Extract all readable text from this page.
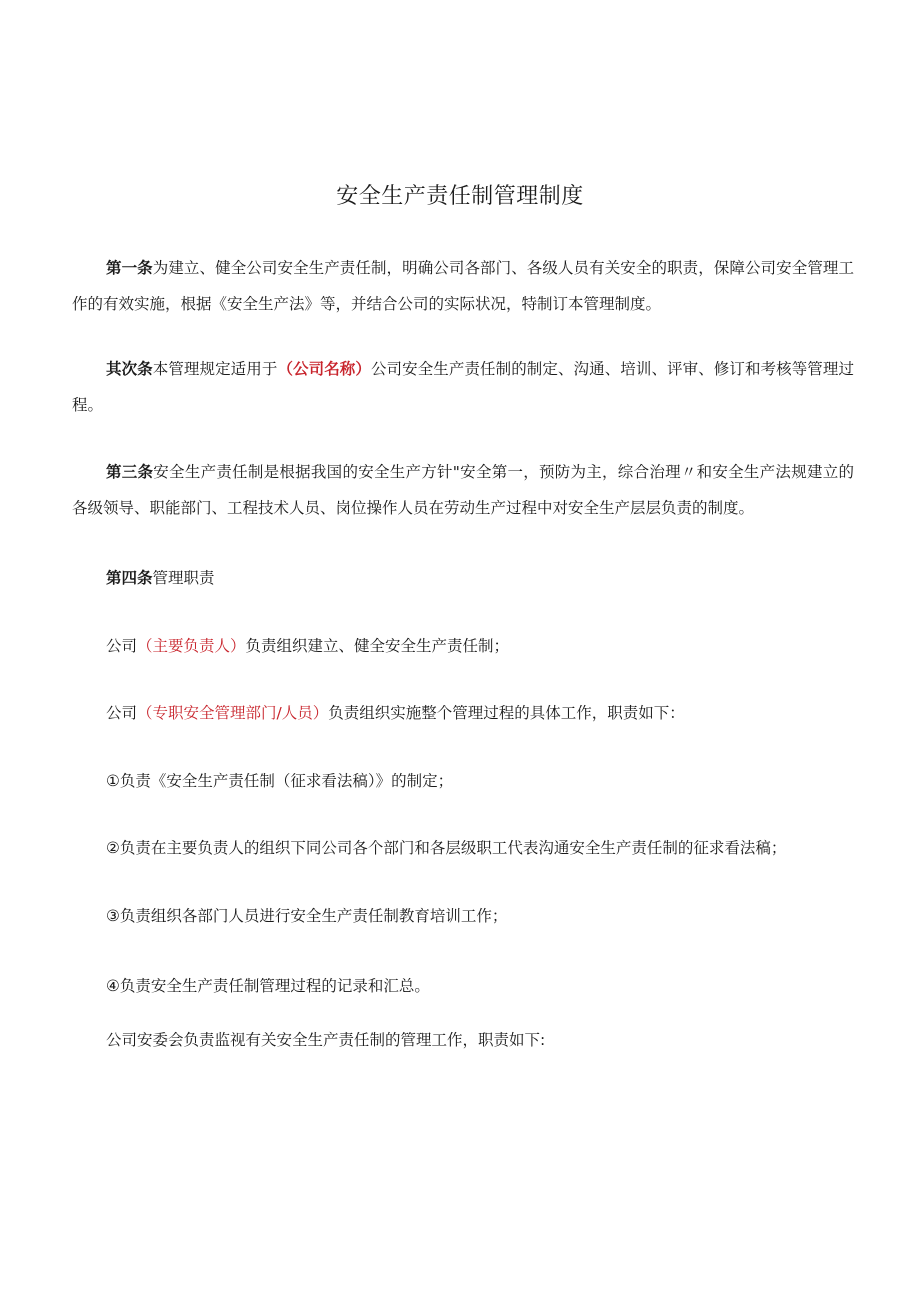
安全生产责任制管理制度
第一条为建立、健全公司安全生产责任制，明确公司各部门、各级人员有关安全的职责，保障公司安全管理工作的有效实施，根据《安全生产法》等，并结合公司的实际状况，特制订本管理制度。
其次条本管理规定适用于（公司名称）公司安全生产责任制的制定、沟通、培训、评审、修订和考核等管理过程。
第三条安全生产责任制是根据我国的安全生产方针"安全第一，预防为主，综合治理〃和安全生产法规建立的各级领导、职能部门、工程技术人员、岗位操作人员在劳动生产过程中对安全生产层层负责的制度。
第四条管理职责
公司（主要负责人）负责组织建立、健全安全生产责任制；
公司（专职安全管理部门/人员）负责组织实施整个管理过程的具体工作，职责如下：
①负责《安全生产责任制（征求看法稿）》的制定；
②负责在主要负责人的组织下同公司各个部门和各层级职工代表沟通安全生产责任制的征求看法稿；
③负责组织各部门人员进行安全生产责任制教育培训工作；
④负责安全生产责任制管理过程的记录和汇总。
公司安委会负责监视有关安全生产责任制的管理工作，职责如下:
